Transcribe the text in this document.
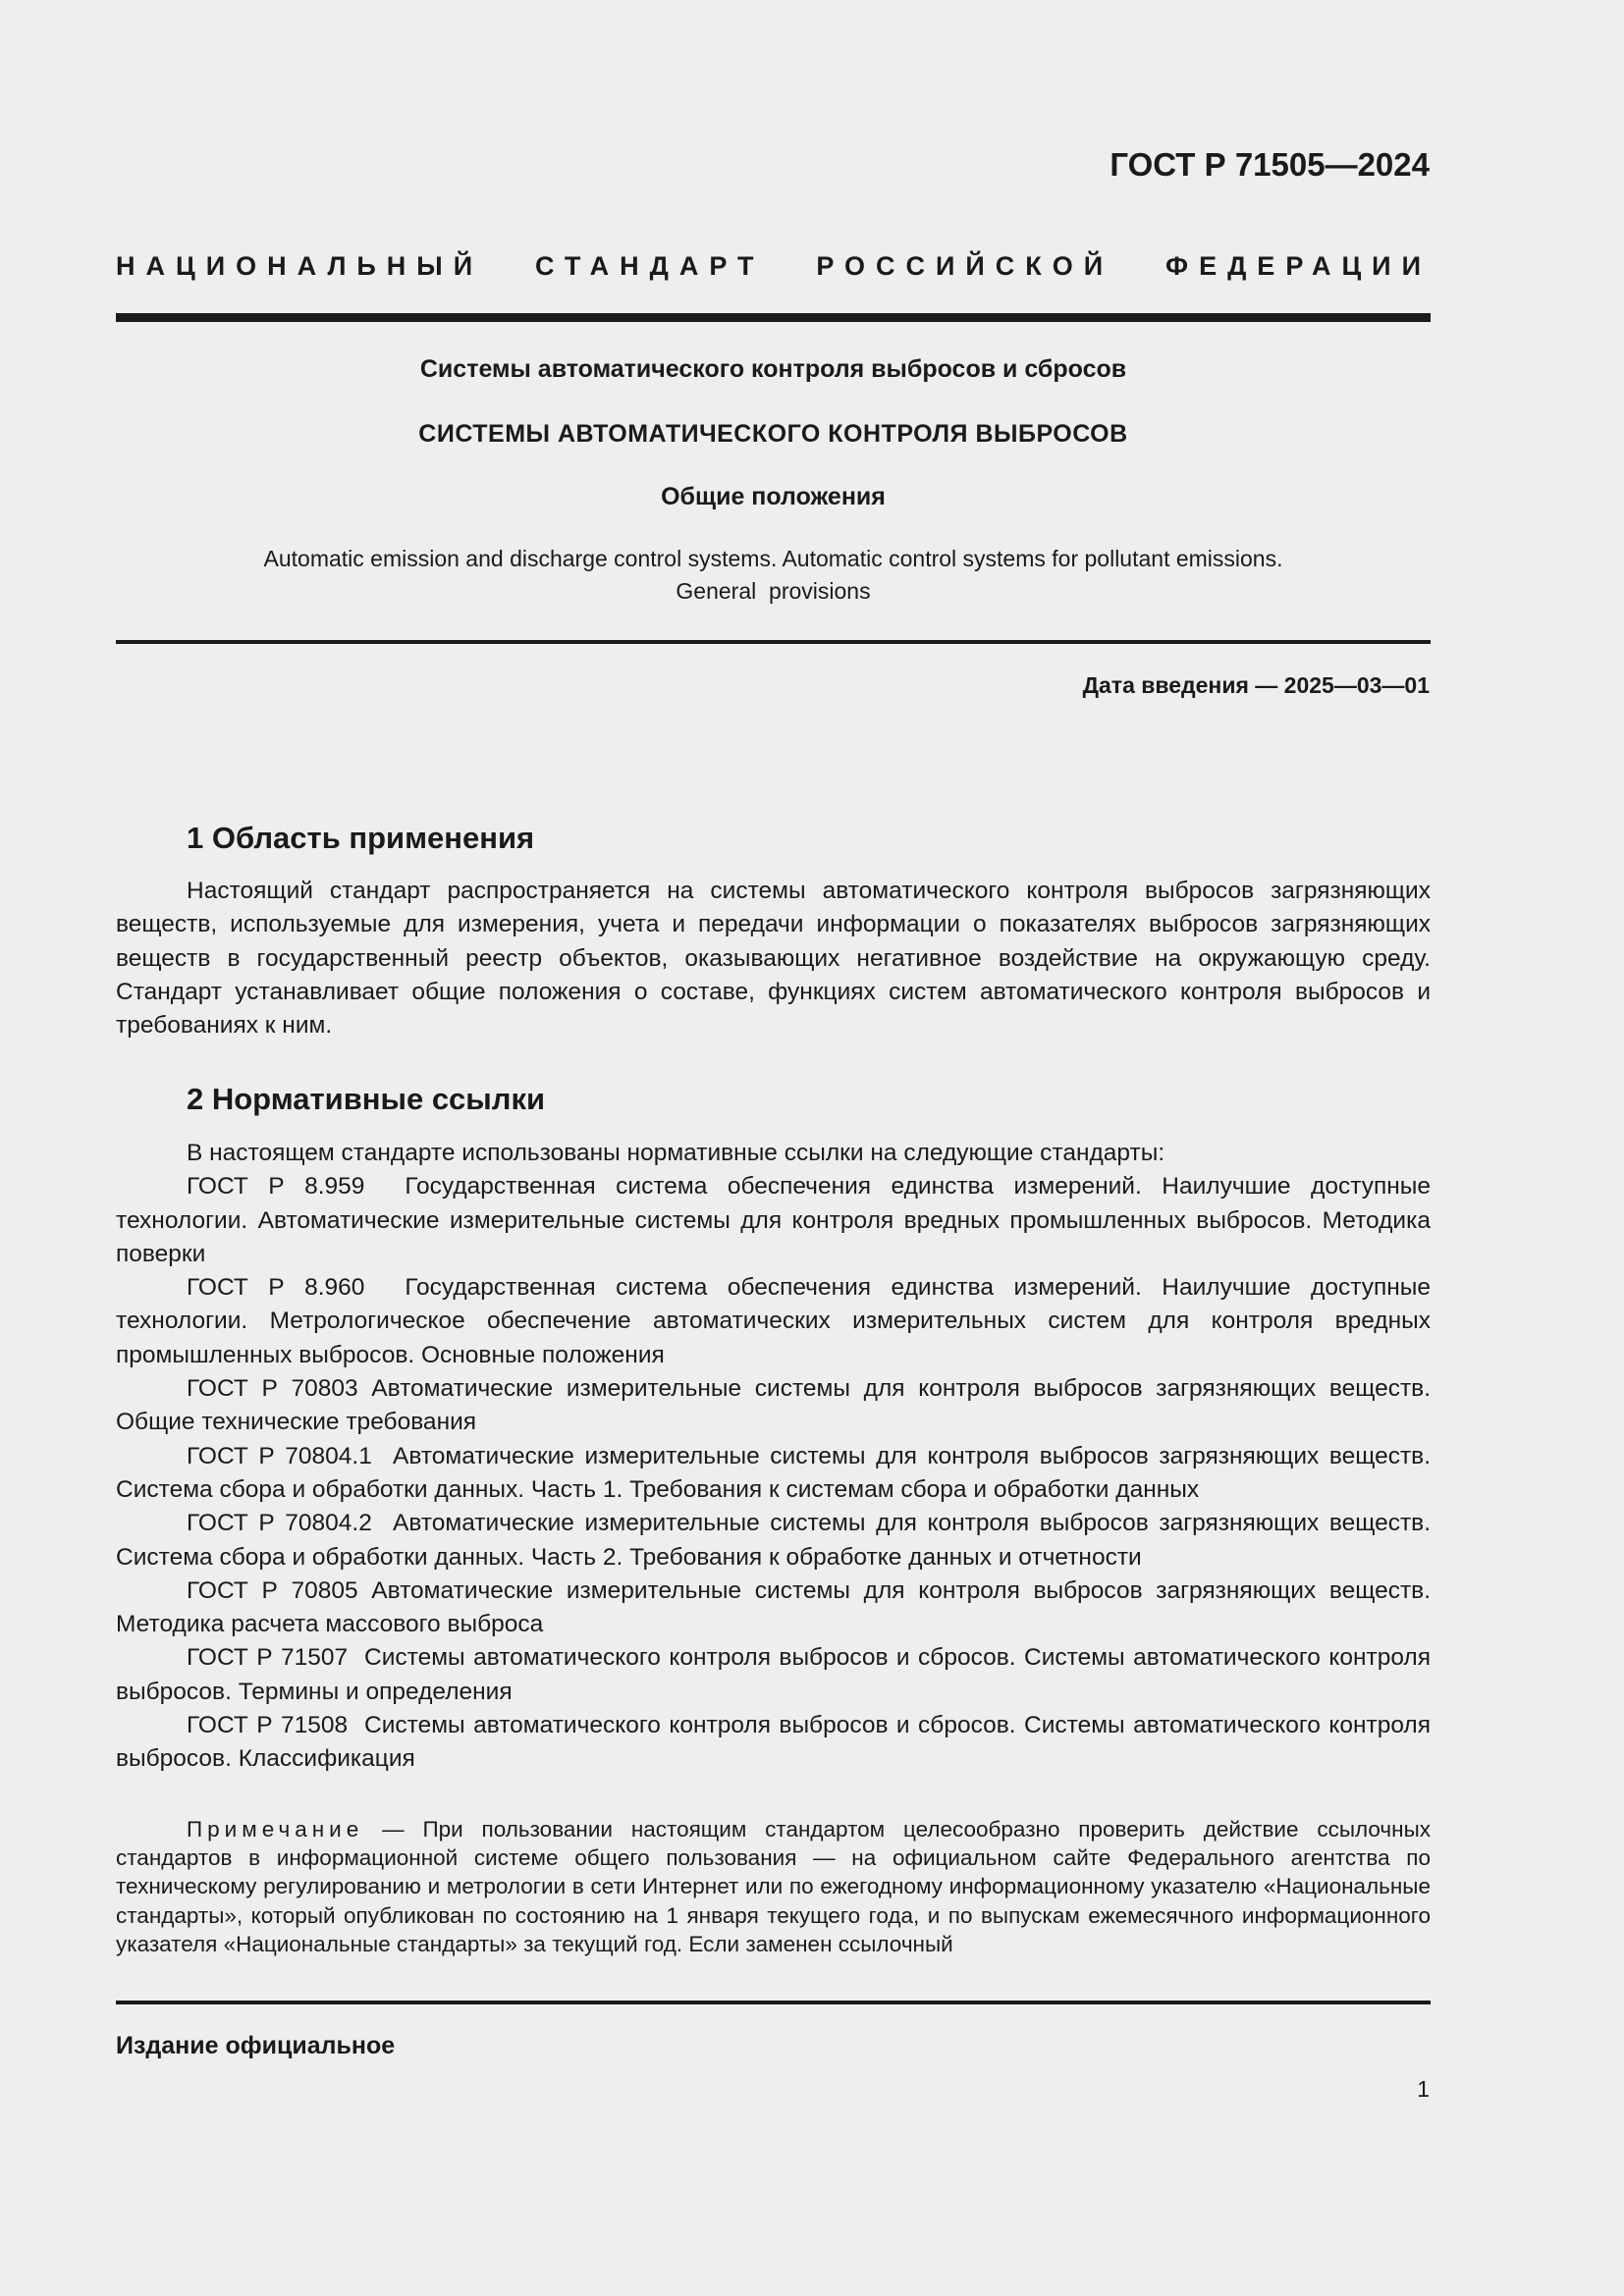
ГОСТ Р 71505—2024
НАЦИОНАЛЬНЫЙ СТАНДАРТ РОССИЙСКОЙ ФЕДЕРАЦИИ
Системы автоматического контроля выбросов и сбросов
СИСТЕМЫ АВТОМАТИЧЕСКОГО КОНТРОЛЯ ВЫБРОСОВ
Общие положения
Automatic emission and discharge control systems. Automatic control systems for pollutant emissions.
General  provisions
Дата введения — 2025—03—01
1 Область применения

Настоящий стандарт распространяется на системы автоматического контроля выбросов загрязняющих веществ, используемые для измерения, учета и передачи информации о показателях выбросов загрязняющих веществ в государственный реестр объектов, оказывающих негативное воздействие на окружающую среду. Стандарт устанавливает общие положения о составе, функциях систем автоматического контроля выбросов и требованиях к ним.

2 Нормативные ссылки

В настоящем стандарте использованы нормативные ссылки на следующие стандарты:

ГОСТ Р 8.959 Государственная система обеспечения единства измерений. Наилучшие доступные технологии. Автоматические измерительные системы для контроля вредных промышленных выбросов. Методика поверки

ГОСТ Р 8.960 Государственная система обеспечения единства измерений. Наилучшие доступные технологии. Метрологическое обеспечение автоматических измерительных систем для контроля вредных промышленных выбросов. Основные положения

ГОСТ Р 70803 Автоматические измерительные системы для контроля выбросов загрязняющих веществ. Общие технические требования

ГОСТ Р 70804.1 Автоматические измерительные системы для контроля выбросов загрязняющих веществ. Система сбора и обработки данных. Часть 1. Требования к системам сбора и обработки данных

ГОСТ Р 70804.2 Автоматические измерительные системы для контроля выбросов загрязняющих веществ. Система сбора и обработки данных. Часть 2. Требования к обработке данных и отчетности

ГОСТ Р 70805 Автоматические измерительные системы для контроля выбросов загрязняющих веществ. Методика расчета массового выброса

ГОСТ Р 71507 Системы автоматического контроля выбросов и сбросов. Системы автоматического контроля выбросов. Термины и определения

ГОСТ Р 71508 Системы автоматического контроля выбросов и сбросов. Системы автоматического контроля выбросов. Классификация

Примечание — При пользовании настоящим стандартом целесообразно проверить действие ссылочных стандартов в информационной системе общего пользования — на официальном сайте Федерального агентства по техническому регулированию и метрологии в сети Интернет или по ежегодному информационному указателю «Национальные стандарты», который опубликован по состоянию на 1 января текущего года, и по выпускам ежемесячного информационного указателя «Национальные стандарты» за текущий год. Если заменен ссылочный

Издание официальное
1
